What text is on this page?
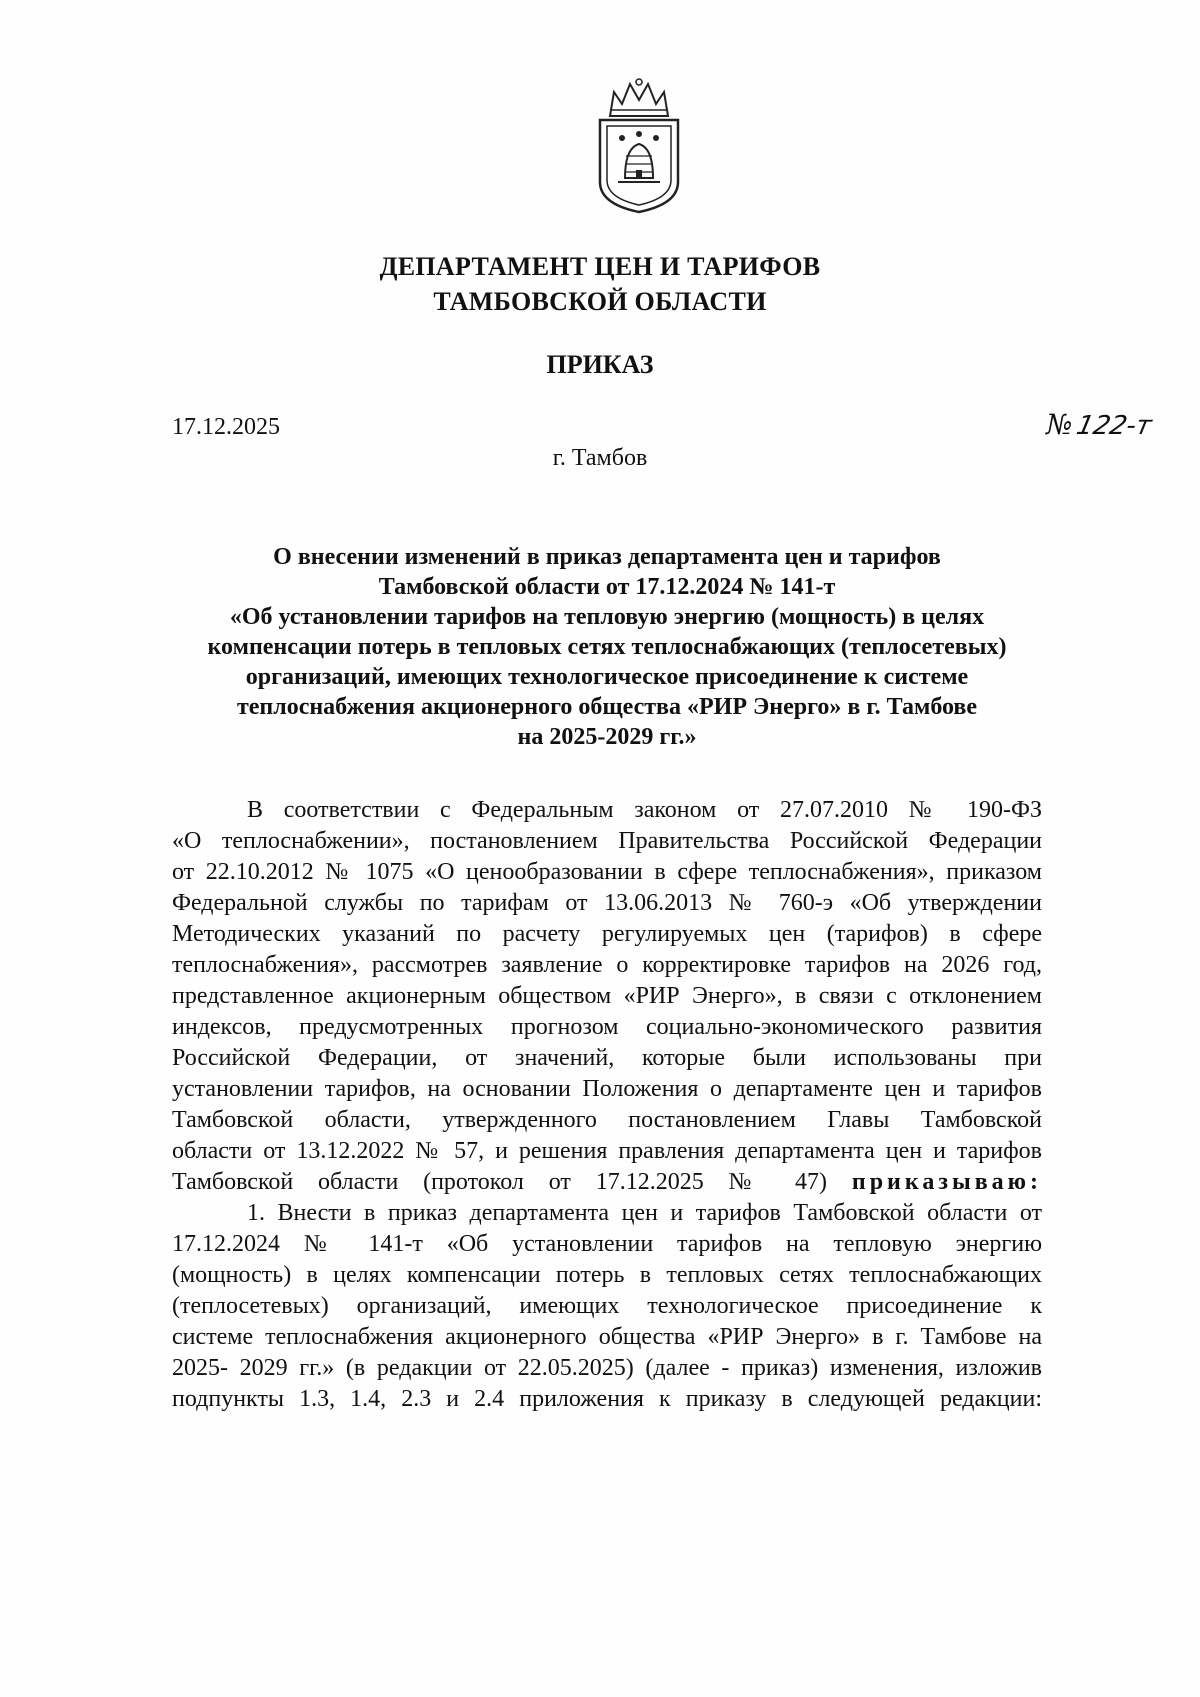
ДЕПАРТАМЕНТ ЦЕН И ТАРИФОВ
ТАМБОВСКОЙ ОБЛАСТИ
ПРИКАЗ
17.12.2025	№122-т
г. Тамбов
О внесении изменений в приказ департамента цен и тарифов
Тамбовской области от 17.12.2024 № 141-т
«Об установлении тарифов на тепловую энергию (мощность) в целях
компенсации потерь в тепловых сетях теплоснабжающих (теплосетевых)
организаций, имеющих технологическое присоединение к системе
теплоснабжения акционерного общества «РИР Энерго» в г. Тамбове
на 2025-2029 гг.»
В соответствии с Федеральным законом от 27.07.2010 № 190-ФЗ
«О теплоснабжении», постановлением Правительства Российской Федерации
от 22.10.2012 № 1075 «О ценообразовании в сфере теплоснабжения», приказом
Федеральной службы по тарифам от 13.06.2013 № 760-э «Об утверждении
Методических указаний по расчету регулируемых цен (тарифов) в сфере
теплоснабжения», рассмотрев заявление о корректировке тарифов на 2026 год,
представленное акционерным обществом «РИР Энерго», в связи с отклонением
индексов, предусмотренных прогнозом социально-экономического развития
Российской Федерации, от значений, которые были использованы при
установлении тарифов, на основании Положения о департаменте цен и тарифов
Тамбовской области, утвержденного постановлением Главы Тамбовской
области от 13.12.2022 № 57, и решения правления департамента цен и тарифов
Тамбовской области (протокол от 17.12.2025 № 47) приказываю:
1. Внести в приказ департамента цен и тарифов Тамбовской области от
17.12.2024 № 141-т «Об установлении тарифов на тепловую энергию
(мощность) в целях компенсации потерь в тепловых сетях теплоснабжающих
(теплосетевых) организаций, имеющих технологическое присоединение к
системе теплоснабжения акционерного общества «РИР Энерго» в г. Тамбове на
2025- 2029 гг.» (в редакции от 22.05.2025) (далее - приказ) изменения, изложив
подпункты 1.3, 1.4, 2.3 и 2.4 приложения к приказу в следующей редакции:
